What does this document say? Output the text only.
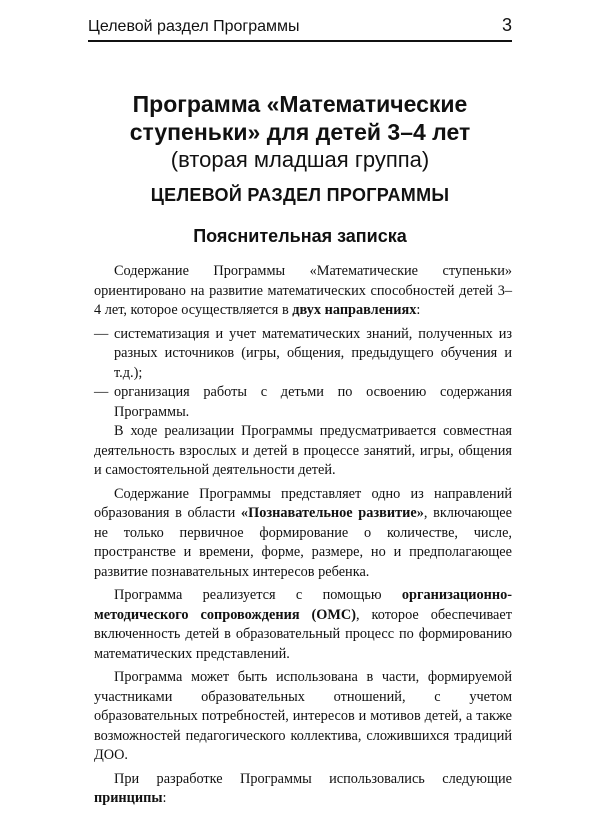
Целевой раздел Программы	3
Программа «Математические
ступеньки» для детей 3–4 лет
(вторая младшая группа)
ЦЕЛЕВОЙ РАЗДЕЛ ПРОГРАММЫ
Пояснительная записка

Содержание Программы «Математические ступеньки» ориентировано на развитие математических способностей детей 3–4 лет, которое осуществляется в двух направлениях:

— систематизация и учет математических знаний, полученных из разных источников (игры, общения, предыдущего обучения и т.д.);

— организация работы с детьми по освоению содержания Программы.

В ходе реализации Программы предусматривается совместная деятельность взрослых и детей в процессе занятий, игры, общения и самостоятельной деятельности детей.

Содержание Программы представляет одно из направлений образования в области «Познавательное развитие», включающее не только первичное формирование о количестве, числе, пространстве и времени, форме, размере, но и предполагающее развитие познавательных интересов ребенка.

Программа реализуется с помощью организационно-методического сопровождения (ОМС), которое обеспечивает включенность детей в образовательный процесс по формированию математических представлений.

Программа может быть использована в части, формируемой участниками образовательных отношений, с учетом образовательных потребностей, интересов и мотивов детей, а также возможностей педагогического коллектива, сложившихся традиций ДОО.

При разработке Программы использовались следующие принципы:
